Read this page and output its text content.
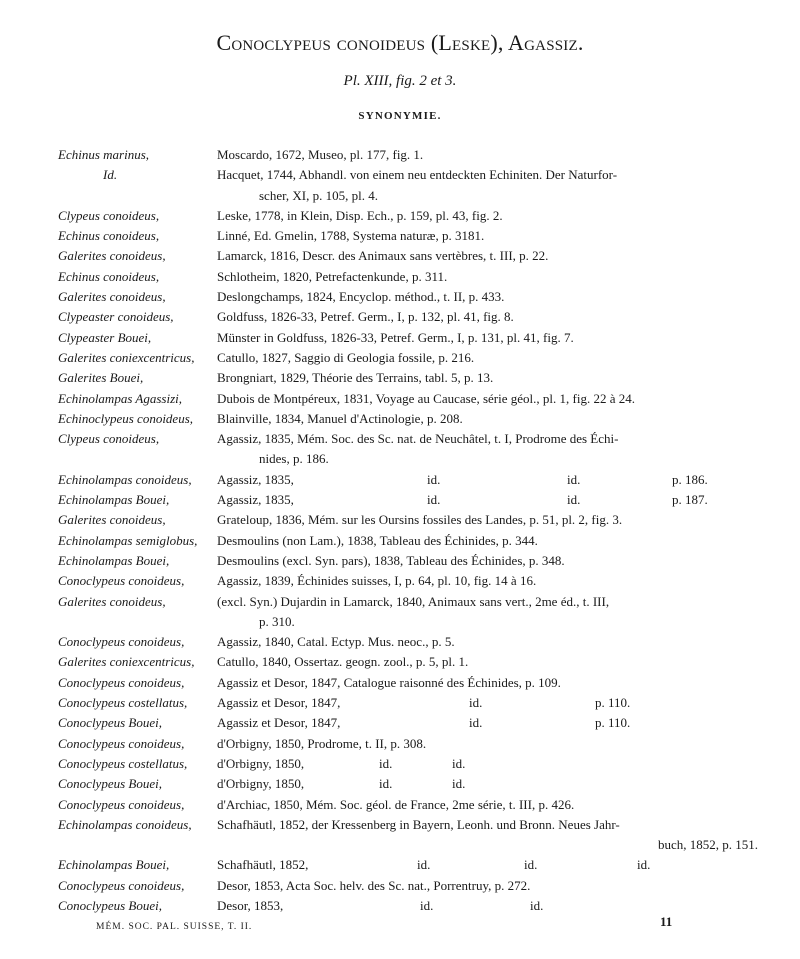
Conoclypeus conoideus (Leske), Agassiz.
Pl. XIII, fig. 2 et 3.
SYNONYMIE.
Echinus marinus,	Moscardo, 1672, Museo, pl. 177, fig. 1.
Id.	Hacquet, 1744, Abhandl. von einem neu entdeckten Echiniten. Der Naturfor-
scher, XI, p. 105, pl. 4.
Clypeus conoideus,	Leske, 1778, in Klein, Disp. Ech., p. 159, pl. 43, fig. 2.
Echinus conoideus,	Linné, Ed. Gmelin, 1788, Systema naturæ, p. 3181.
Galerites conoideus,	Lamarck, 1816, Descr. des Animaux sans vertèbres, t. III, p. 22.
Echinus conoideus,	Schlotheim, 1820, Petrefactenkunde, p. 311.
Galerites conoideus,	Deslongchamps, 1824, Encyclop. méthod., t. II, p. 433.
Clypeaster conoideus,	Goldfuss, 1826-33, Petref. Germ., I, p. 132, pl. 41, fig. 8.
Clypeaster Bouei,	Münster in Goldfuss, 1826-33, Petref. Germ., I, p. 131, pl. 41, fig. 7.
Galerites coniexcentricus,	Catullo, 1827, Saggio di Geologia fossile, p. 216.
Galerites Bouei,	Brongniart, 1829, Théorie des Terrains, tabl. 5, p. 13.
Echinolampas Agassizi,	Dubois de Montpéreux, 1831, Voyage au Caucase, série géol., pl. 1, fig. 22 à 24.
Echinoclypeus conoideus,	Blainville, 1834, Manuel d'Actinologie, p. 208.
Clypeus conoideus,	Agassiz, 1835, Mém. Soc. des Sc. nat. de Neuchâtel, t. I, Prodrome des Échi-
nides, p. 186.
Echinolampas conoideus,	Agassiz, 1835,	id.	id.	p. 186.
Echinolampas Bouei,	Agassiz, 1835,	id.	id.	p. 187.
Galerites conoideus,	Grateloup, 1836, Mém. sur les Oursins fossiles des Landes, p. 51, pl. 2, fig. 3.
Echinolampas semiglobus,	Desmoulins (non Lam.), 1838, Tableau des Échinides, p. 344.
Echinolampas Bouei,	Desmoulins (excl. Syn. pars), 1838, Tableau des Échinides, p. 348.
Conoclypeus conoideus,	Agassiz, 1839, Échinides suisses, I, p. 64, pl. 10, fig. 14 à 16.
Galerites conoideus,	(excl. Syn.) Dujardin in Lamarck, 1840, Animaux sans vert., 2me éd., t. III,
p. 310.
Conoclypeus conoideus,	Agassiz, 1840, Catal. Ectyp. Mus. neoc., p. 5.
Galerites coniexcentricus,	Catullo, 1840, Ossertaz. geogn. zool., p. 5, pl. 1.
Conoclypeus conoideus,	Agassiz et Desor, 1847, Catalogue raisonné des Échinides, p. 109.
Conoclypeus costellatus,	Agassiz et Desor, 1847,	id.	p. 110.
Conoclypeus Bouei,	Agassiz et Desor, 1847,	id.	p. 110.
Conoclypeus conoideus,	d'Orbigny, 1850, Prodrome, t. II, p. 308.
Conoclypeus costellatus,	d'Orbigny, 1850,	id.	id.
Conoclypeus Bouei,	d'Orbigny, 1850,	id.	id.
Conoclypeus conoideus,	d'Archiac, 1850, Mém. Soc. géol. de France, 2me série, t. III, p. 426.
Echinolampas conoideus,	Schafhäutl, 1852, der Kressenberg in Bayern, Leonh. und Bronn. Neues Jahr-
buch, 1852, p. 151.
Echinolampas Bouei,	Schafhäutl, 1852,	id.	id.	id.
Conoclypeus conoideus,	Desor, 1853, Acta Soc. helv. des Sc. nat., Porrentruy, p. 272.
Conoclypeus Bouei,	Desor, 1853,	id.	id.
MÉM. SOC. PAL. SUISSE, T. II.	11
